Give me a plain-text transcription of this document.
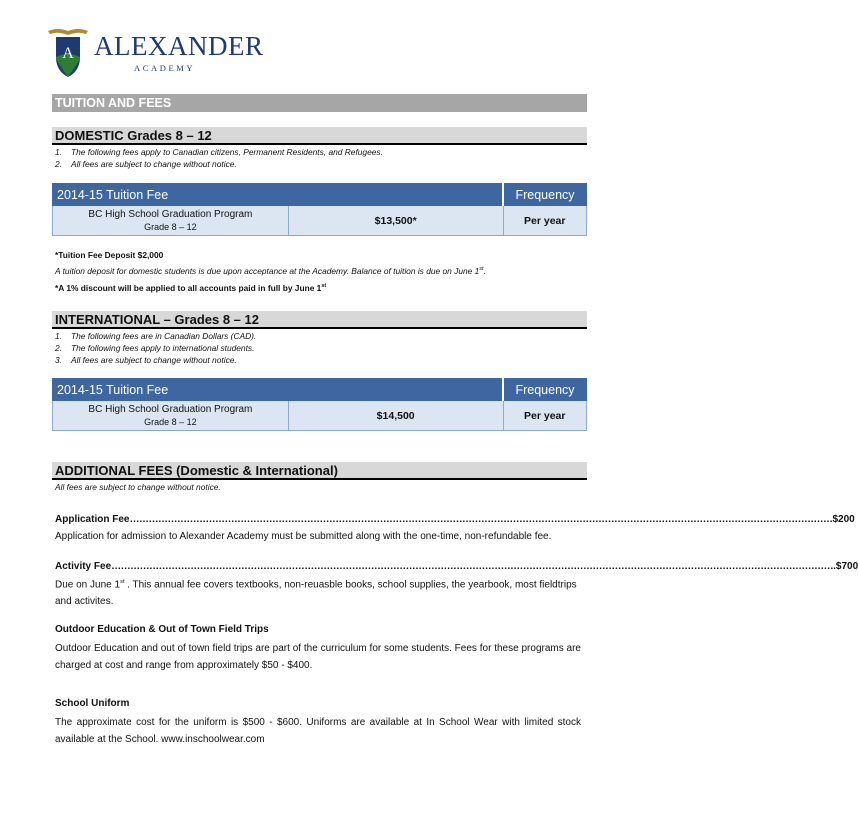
A ALEXANDER
ACADEMY
TUITION AND FEES
DOMESTIC Grades 8 – 12
1. The following fees apply to Canadian citizens, Permanent Residents, and Refugees.
2. All fees are subject to change without notice.
2014-15 Tuition Fee		Frequency

BC High School Graduation Program
Grade 8 – 12	$13,500*	Per year
*Tuition Fee Deposit $2,000
A tuition deposit for domestic students is due upon acceptance at the Academy. Balance of tuition is due on June 1st.
*A 1% discount will be applied to all accounts paid in full by June 1st
INTERNATIONAL – Grades 8 – 12
1. The following fees are in Canadian Dollars (CAD).
2. The following fees apply to international students.
3. All fees are subject to change without notice.
2014-15 Tuition Fee		Frequency

BC High School Graduation Program
Grade 8 – 12	$14,500	Per year
ADDITIONAL FEES (Domestic & International)
All fees are subject to change without notice.
Application Fee …………………………………………………………………………………………………………………………………………………………………………………………………… $200
Application for admission to Alexander Academy must be submitted along with the one-time, non-refundable fee.
Activity Fee ………………………………………………………………………………………………………………………………………………………………………………………………………… .$700
Due on June 1st . This annual fee covers textbooks, non-reuasble books, school supplies, the yearbook, most fieldtrips and activites.
Outdoor Education & Out of Town Field Trips
Outdoor Education and out of town field trips are part of the curriculum for some students. Fees for these programs are charged at cost and range from approximately $50 - $400.
School Uniform
The approximate cost for the uniform is $500 - $600. Uniforms are available at In School Wear with limited stock available at the School. www.inschoolwear.com
